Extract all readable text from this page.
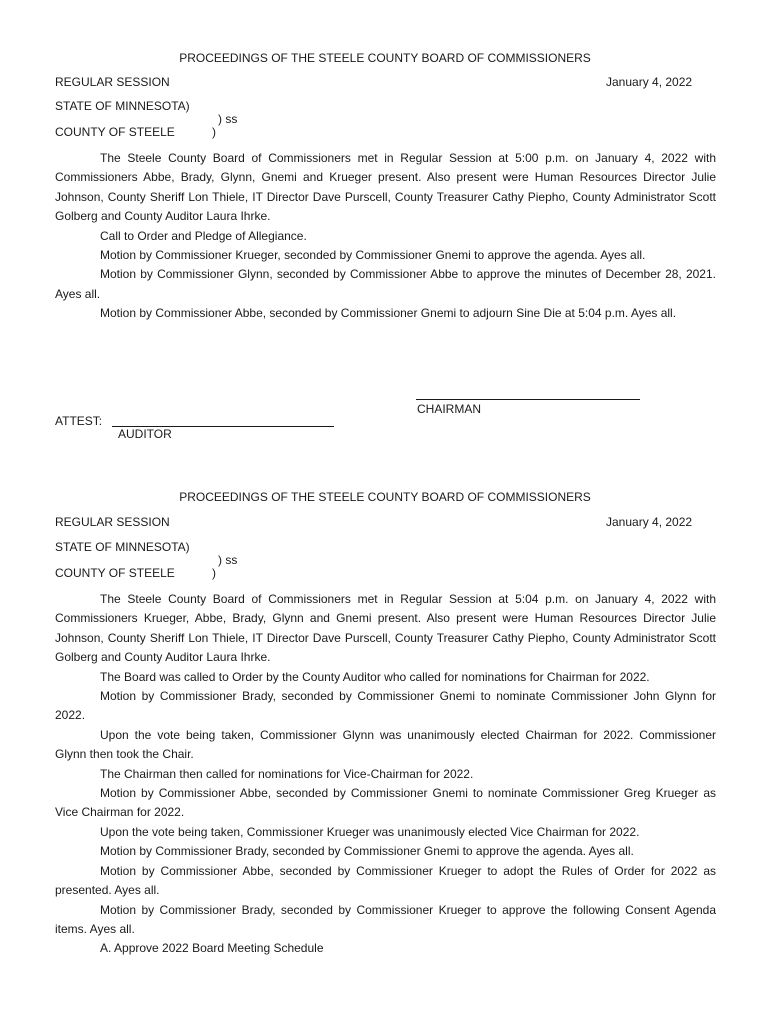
PROCEEDINGS OF THE STEELE COUNTY BOARD OF COMMISSIONERS
REGULAR SESSION	January 4, 2022
STATE OF MINNESOTA)
) ss
COUNTY OF STEELE	)

The Steele County Board of Commissioners met in Regular Session at 5:00 p.m. on January 4, 2022 with Commissioners Abbe, Brady, Glynn, Gnemi and Krueger present. Also present were Human Resources Director Julie Johnson, County Sheriff Lon Thiele, IT Director Dave Purscell, County Treasurer Cathy Piepho, County Administrator Scott Golberg and County Auditor Laura Ihrke.

Call to Order and Pledge of Allegiance.

Motion by Commissioner Krueger, seconded by Commissioner Gnemi to approve the agenda. Ayes all.

Motion by Commissioner Glynn, seconded by Commissioner Abbe to approve the minutes of December 28, 2021. Ayes all.

Motion by Commissioner Abbe, seconded by Commissioner Gnemi to adjourn Sine Die at 5:04 p.m. Ayes all.

CHAIRMAN
ATTEST:
AUDITOR
PROCEEDINGS OF THE STEELE COUNTY BOARD OF COMMISSIONERS
REGULAR SESSION	January 4, 2022
STATE OF MINNESOTA)
) ss
COUNTY OF STEELE	)

The Steele County Board of Commissioners met in Regular Session at 5:04 p.m. on January 4, 2022 with Commissioners Krueger, Abbe, Brady, Glynn and Gnemi present. Also present were Human Resources Director Julie Johnson, County Sheriff Lon Thiele, IT Director Dave Purscell, County Treasurer Cathy Piepho, County Administrator Scott Golberg and County Auditor Laura Ihrke.

The Board was called to Order by the County Auditor who called for nominations for Chairman for 2022.

Motion by Commissioner Brady, seconded by Commissioner Gnemi to nominate Commissioner John Glynn for 2022.

Upon the vote being taken, Commissioner Glynn was unanimously elected Chairman for 2022. Commissioner Glynn then took the Chair.

The Chairman then called for nominations for Vice-Chairman for 2022.

Motion by Commissioner Abbe, seconded by Commissioner Gnemi to nominate Commissioner Greg Krueger as Vice Chairman for 2022.

Upon the vote being taken, Commissioner Krueger was unanimously elected Vice Chairman for 2022.

Motion by Commissioner Brady, seconded by Commissioner Gnemi to approve the agenda. Ayes all.

Motion by Commissioner Abbe, seconded by Commissioner Krueger to adopt the Rules of Order for 2022 as presented. Ayes all.

Motion by Commissioner Brady, seconded by Commissioner Krueger to approve the following Consent Agenda items. Ayes all.

A. Approve 2022 Board Meeting Schedule
